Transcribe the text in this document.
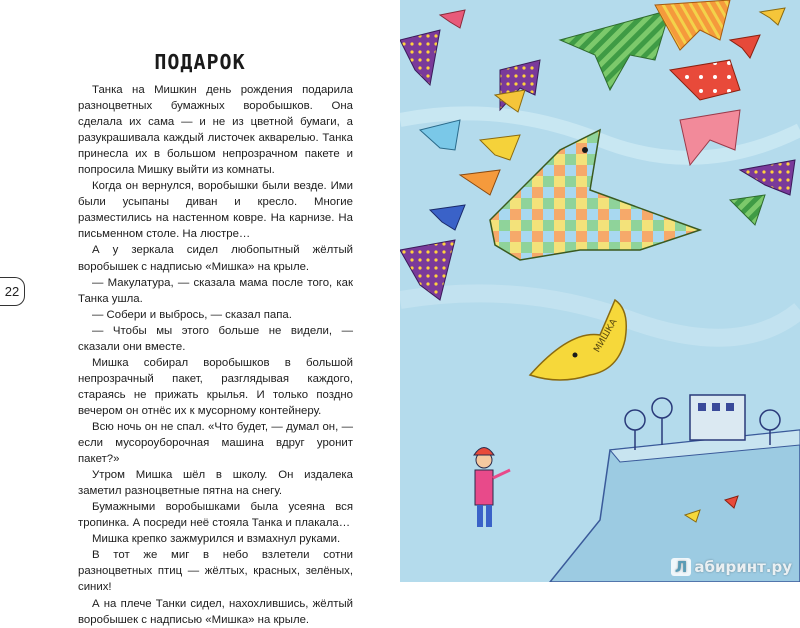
ПОДАРОК

Танка на Мишкин день рождения подарила разноцветных бумажных воробышков. Она сделала их сама — и не из цветной бумаги, а разукрашивала каждый листочек акварелью. Танка принесла их в большом непрозрачном пакете и попросила Мишку выйти из комнаты.

Когда он вернулся, воробышки были везде. Ими были усыпаны диван и кресло. Многие разместились на настенном ковре. На карнизе. На письменном столе. На люстре…

А у зеркала сидел любопытный жёлтый воробышек с надписью «Мишка» на крыле.

— Макулатура, — сказала мама после того, как Танка ушла.

— Собери и выбрось, — сказал папа.

— Чтобы мы этого больше не видели, — сказали они вместе.

Мишка собирал воробышков в большой непрозрачный пакет, разглядывая каждого, стараясь не прижать крылья. И только поздно вечером он отнёс их к мусорному контейнеру.

Всю ночь он не спал. «Что будет, — думал он, — если мусороуборочная машина вдруг уронит пакет?»

Утром Мишка шёл в школу. Он издалека заметил разноцветные пятна на снегу.

Бумажными воробышками была усеяна вся тропинка. А посреди неё стояла Танка и плакала…

Мишка крепко зажмурился и взмахнул руками.

В тот же миг в небо взлетели сотни разноцветных птиц — жёлтых, красных, зелёных, синих!

А на плече Танки сидел, нахохлившись, жёлтый воробышек с надписью «Мишка» на крыле.

22
МИШКА
Л абиринт.ру
